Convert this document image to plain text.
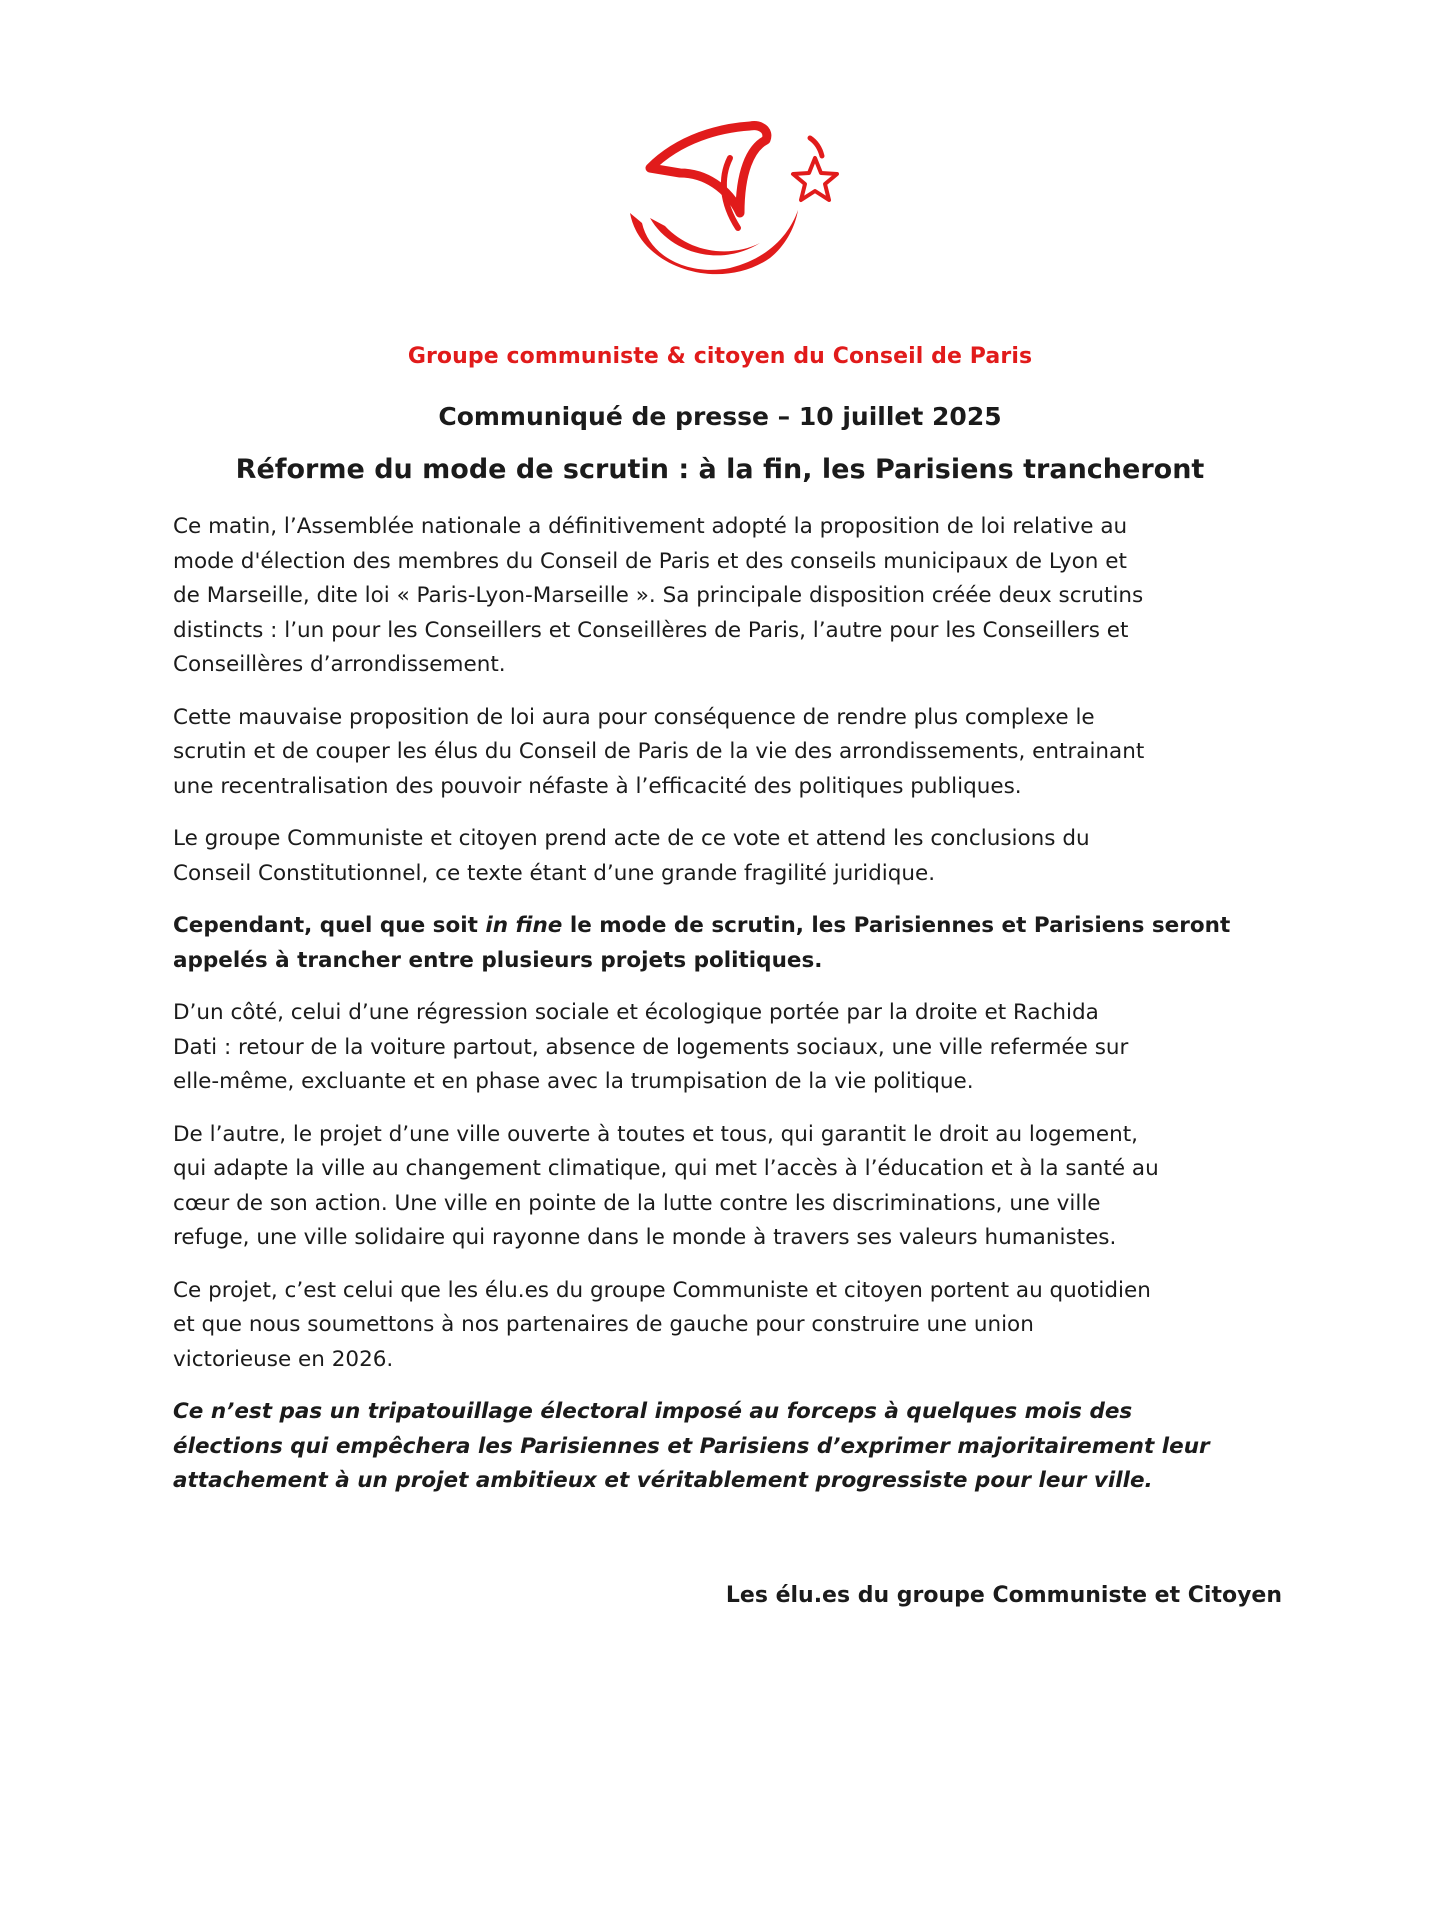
Groupe communiste & citoyen du Conseil de Paris
Communiqué de presse – 10 juillet 2025
Réforme du mode de scrutin : à la fin, les Parisiens trancheront

Ce matin, l’Assemblée nationale a définitivement adopté la proposition de loi relative au
mode d'élection des membres du Conseil de Paris et des conseils municipaux de Lyon et
de Marseille, dite loi « Paris-Lyon-Marseille ». Sa principale disposition créée deux scrutins
distincts : l’un pour les Conseillers et Conseillères de Paris, l’autre pour les Conseillers et
Conseillères d’arrondissement.

Cette mauvaise proposition de loi aura pour conséquence de rendre plus complexe le
scrutin et de couper les élus du Conseil de Paris de la vie des arrondissements, entrainant
une recentralisation des pouvoir néfaste à l’efficacité des politiques publiques.

Le groupe Communiste et citoyen prend acte de ce vote et attend les conclusions du
Conseil Constitutionnel, ce texte étant d’une grande fragilité juridique.

Cependant, quel que soit in fine le mode de scrutin, les Parisiennes et Parisiens seront
appelés à trancher entre plusieurs projets politiques.

D’un côté, celui d’une régression sociale et écologique portée par la droite et Rachida
Dati : retour de la voiture partout, absence de logements sociaux, une ville refermée sur
elle-même, excluante et en phase avec la trumpisation de la vie politique.

De l’autre, le projet d’une ville ouverte à toutes et tous, qui garantit le droit au logement,
qui adapte la ville au changement climatique, qui met l’accès à l’éducation et à la santé au
cœur de son action. Une ville en pointe de la lutte contre les discriminations, une ville
refuge, une ville solidaire qui rayonne dans le monde à travers ses valeurs humanistes.

Ce projet, c’est celui que les élu.es du groupe Communiste et citoyen portent au quotidien
et que nous soumettons à nos partenaires de gauche pour construire une union
victorieuse en 2026.

Ce n’est pas un tripatouillage électoral imposé au forceps à quelques mois des
élections qui empêchera les Parisiennes et Parisiens d’exprimer majoritairement leur
attachement à un projet ambitieux et véritablement progressiste pour leur ville.

Les élu.es du groupe Communiste et Citoyen
